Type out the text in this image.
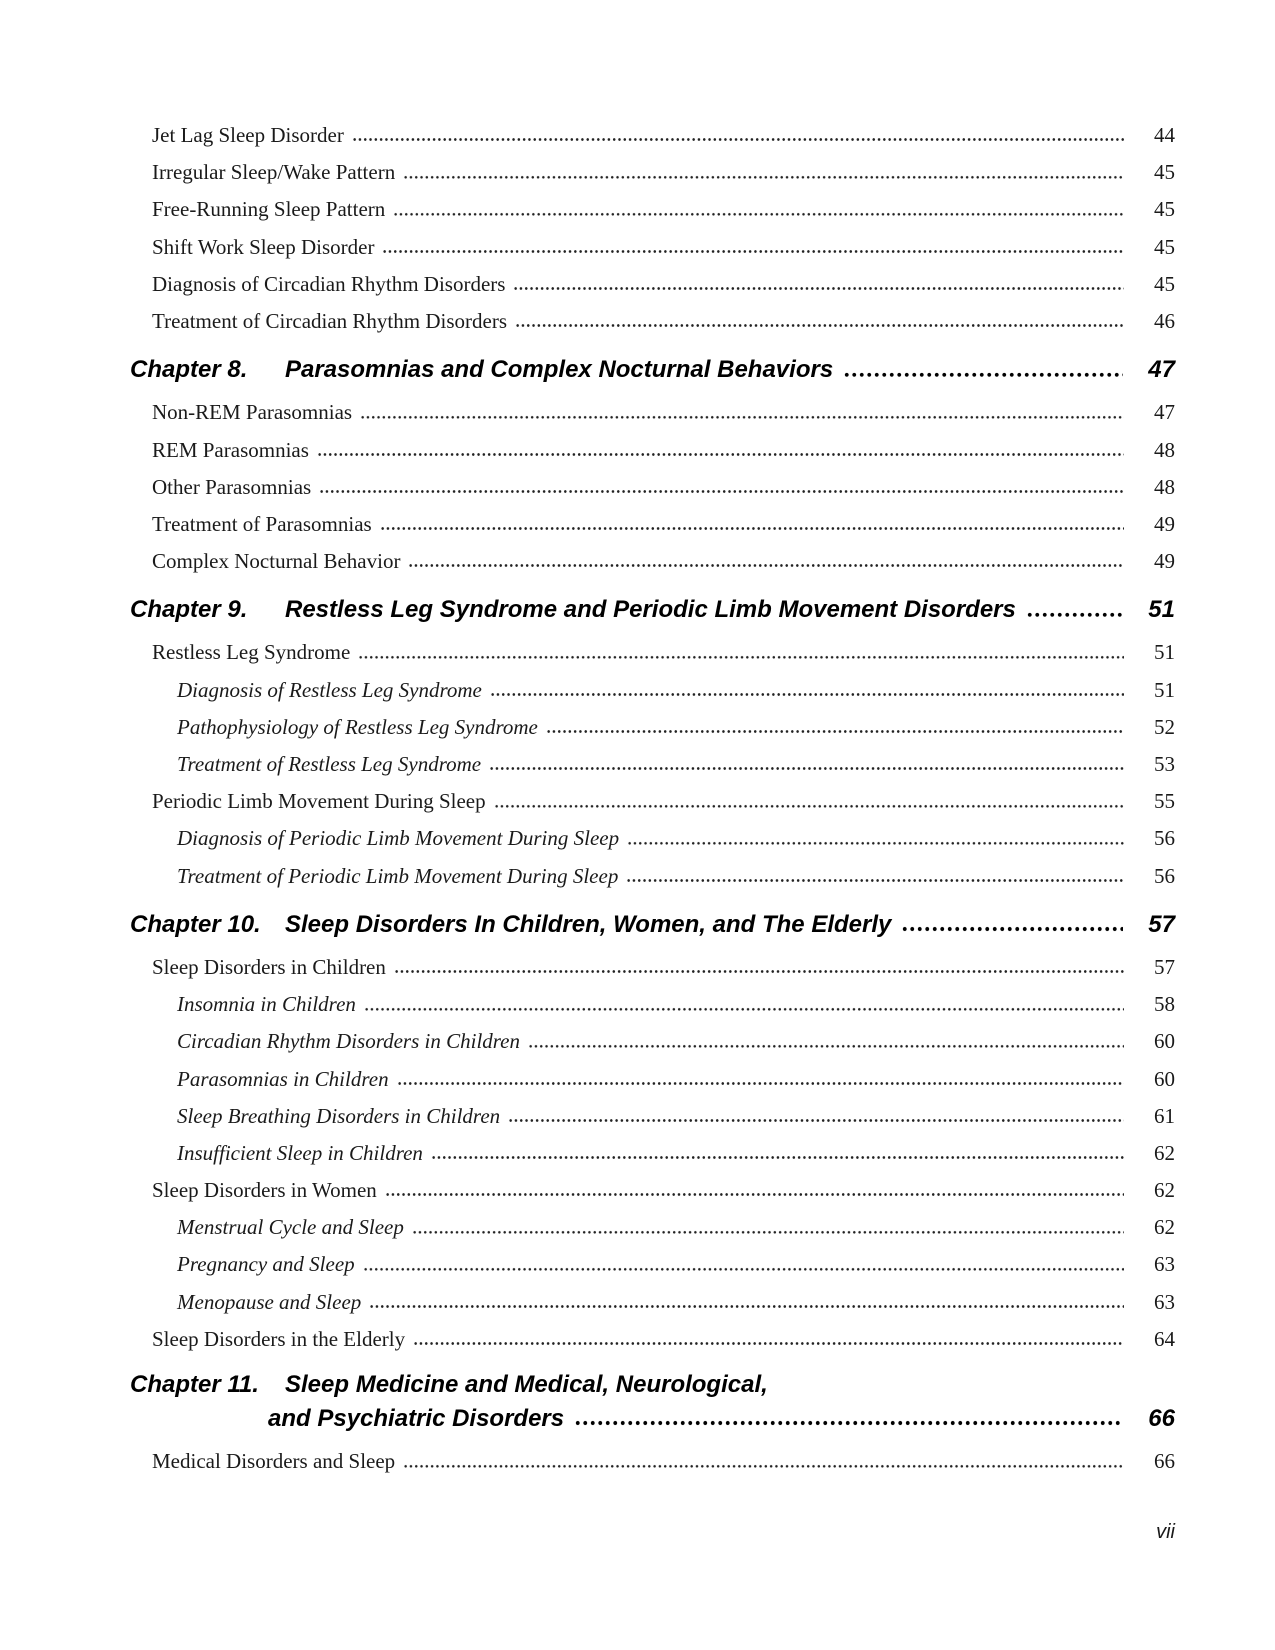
Jet Lag Sleep Disorder	44
Irregular Sleep/Wake Pattern	45
Free-Running Sleep Pattern	45
Shift Work Sleep Disorder	45
Diagnosis of Circadian Rhythm Disorders	45
Treatment of Circadian Rhythm Disorders	46
Chapter 8.	Parasomnias and Complex Nocturnal Behaviors	47
Non-REM Parasomnias	47
REM Parasomnias	48
Other Parasomnias	48
Treatment of Parasomnias	49
Complex Nocturnal Behavior	49
Chapter 9.	Restless Leg Syndrome and Periodic Limb Movement Disorders	51
Restless Leg Syndrome	51
Diagnosis of Restless Leg Syndrome	51
Pathophysiology of Restless Leg Syndrome	52
Treatment of Restless Leg Syndrome	53
Periodic Limb Movement During Sleep	55
Diagnosis of Periodic Limb Movement During Sleep	56
Treatment of Periodic Limb Movement During Sleep	56
Chapter 10.	Sleep Disorders In Children, Women, and The Elderly	57
Sleep Disorders in Children	57
Insomnia in Children	58
Circadian Rhythm Disorders in Children	60
Parasomnias in Children	60
Sleep Breathing Disorders in Children	61
Insufficient Sleep in Children	62
Sleep Disorders in Women	62
Menstrual Cycle and Sleep	62
Pregnancy and Sleep	63
Menopause and Sleep	63
Sleep Disorders in the Elderly	64
Chapter 11.	Sleep Medicine and Medical, Neurological,
and Psychiatric Disorders	66
Medical Disorders and Sleep	66
vii
